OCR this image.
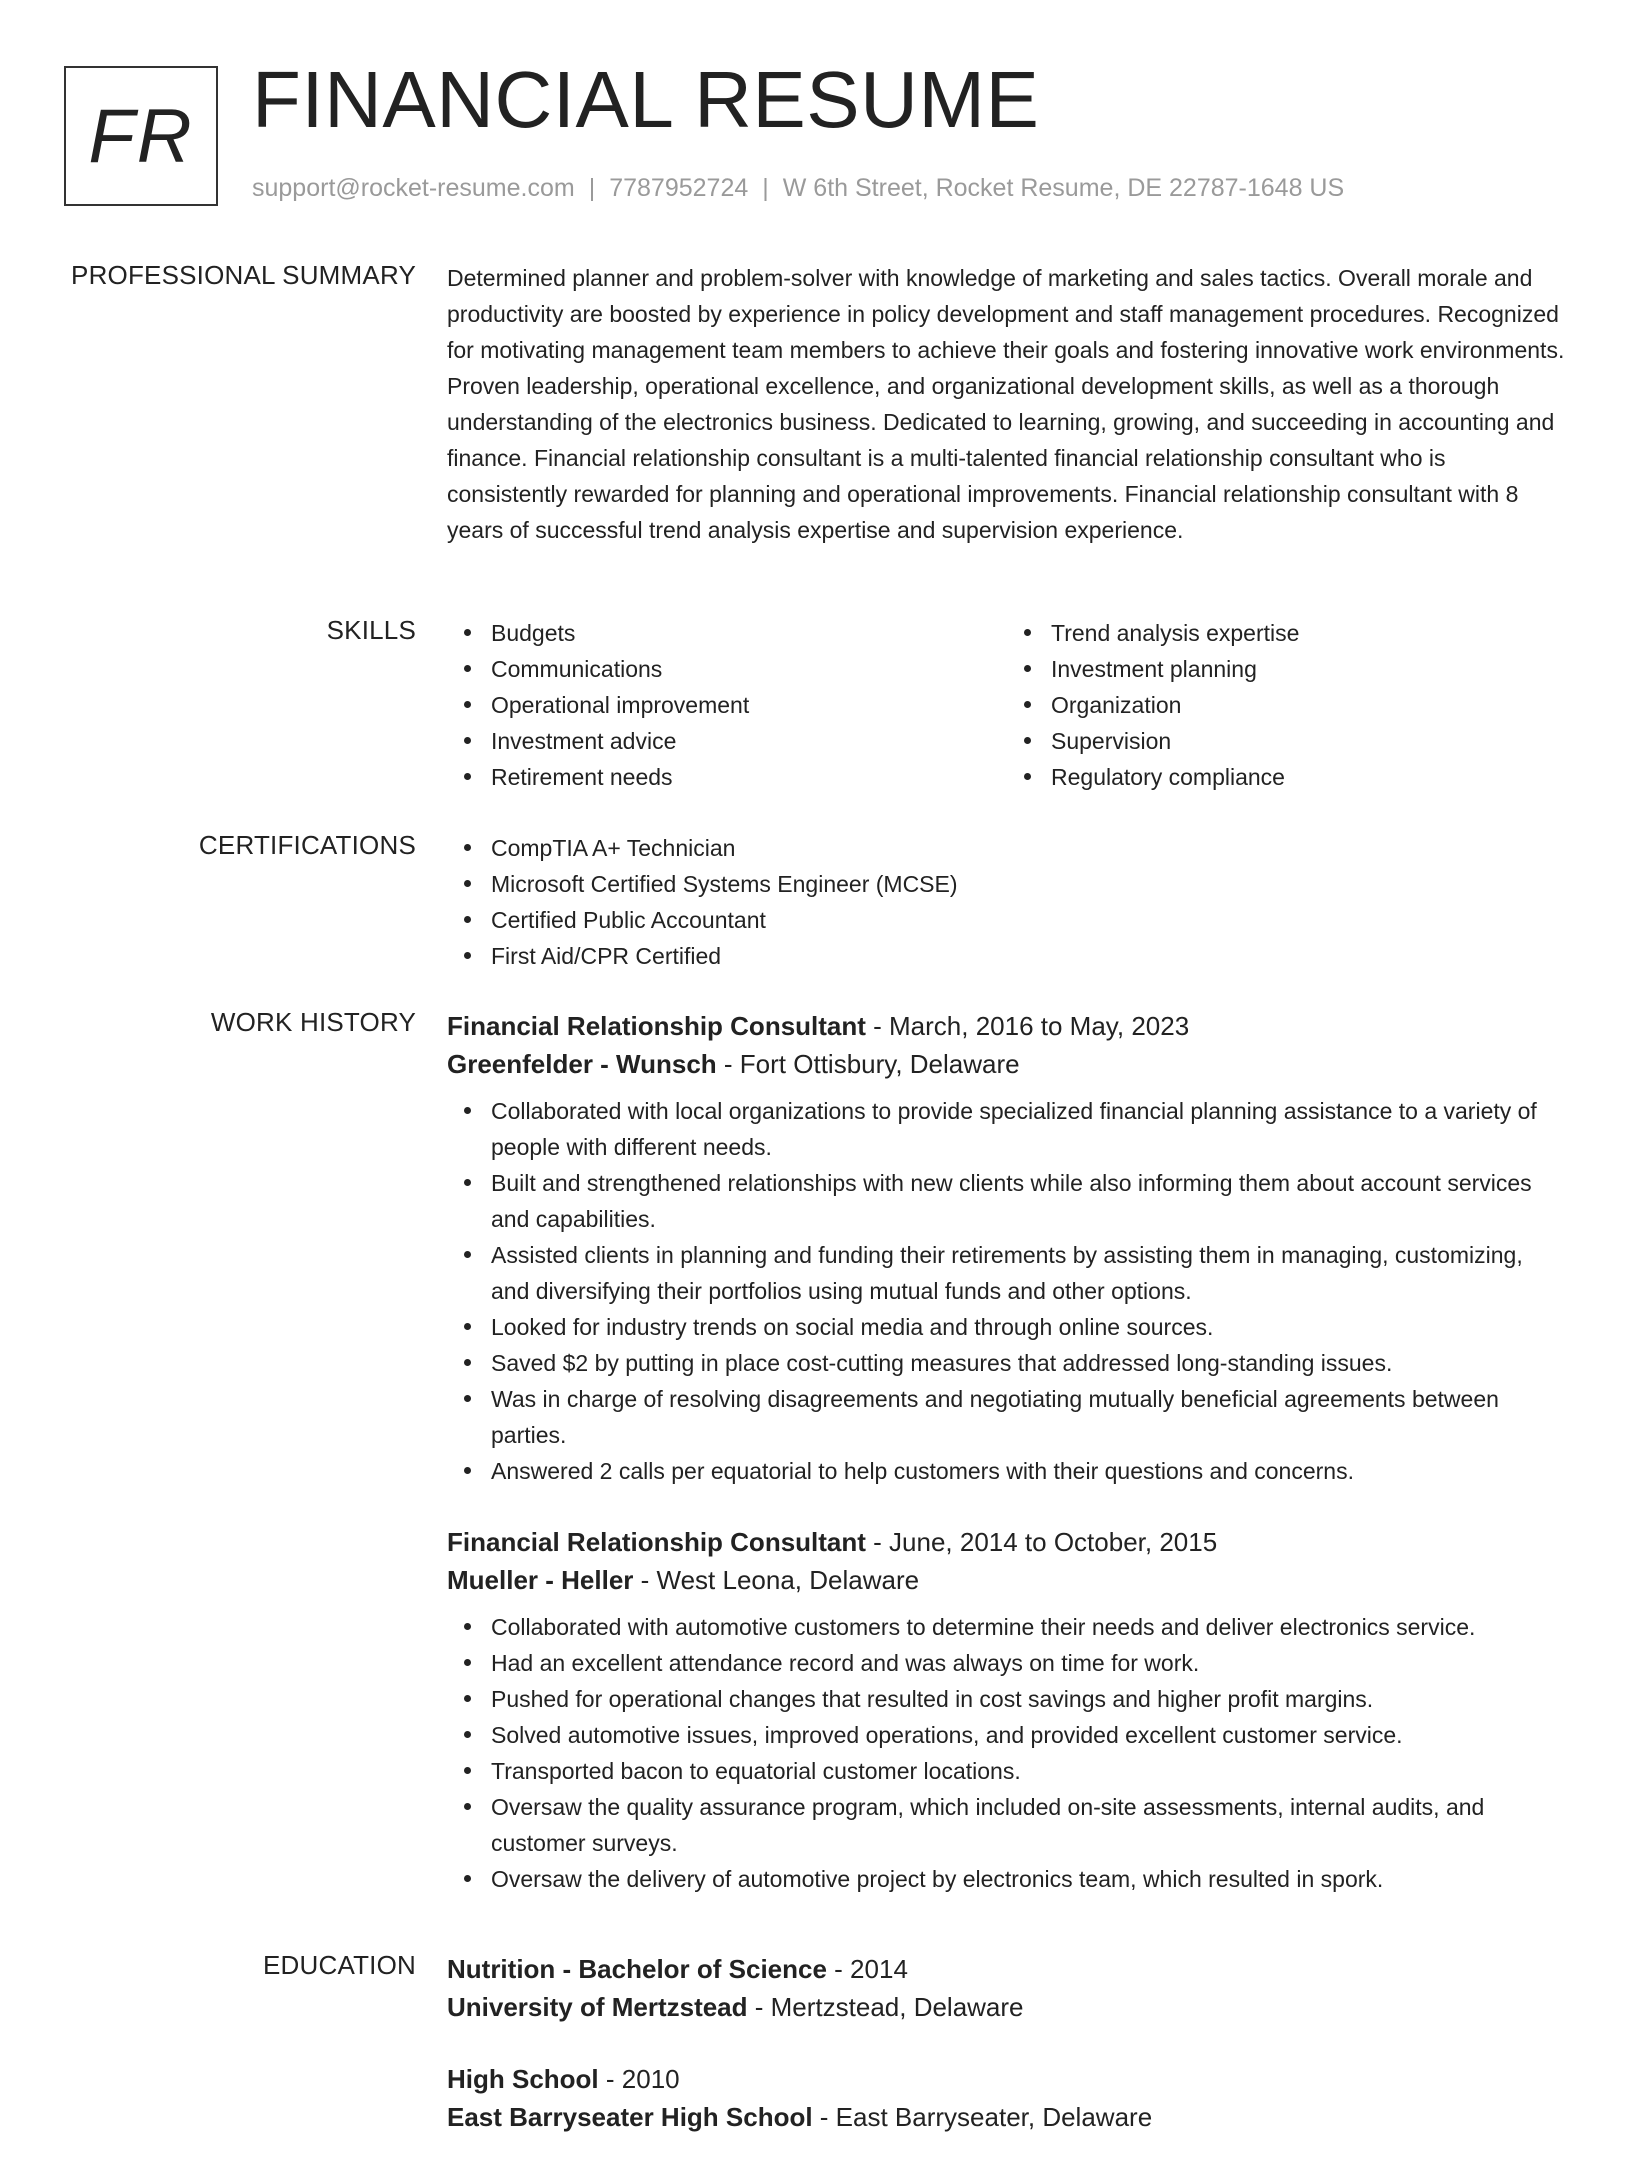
FR FINANCIAL RESUME
support@rocket-resume.com | 7787952724 | W 6th Street, Rocket Resume, DE 22787-1648 US
PROFESSIONAL SUMMARY Determined planner and problem-solver with knowledge of marketing and sales tactics. Overall morale and productivity are boosted by experience in policy development and staff management procedures. Recognized for motivating management team members to achieve their goals and fostering innovative work environments. Proven leadership, operational excellence, and organizational development skills, as well as a thorough understanding of the electronics business. Dedicated to learning, growing, and succeeding in accounting and finance. Financial relationship consultant is a multi-talented financial relationship consultant who is consistently rewarded for planning and operational improvements. Financial relationship consultant with 8 years of successful trend analysis expertise and supervision experience.

SKILLS	Budgets
Communications
Operational improvement
Investment advice
Retirement needs
Trend analysis expertise
Investment planning
Organization
Supervision
Regulatory compliance
CERTIFICATIONS	CompTIA A+ Technician
Microsoft Certified Systems Engineer (MCSE)
Certified Public Accountant
First Aid/CPR Certified
WORK HISTORY Financial Relationship Consultant - March, 2016 to May, 2023
Greenfelder - Wunsch - Fort Ottisbury, Delaware
Collaborated with local organizations to provide specialized financial planning assistance to a variety of people with different needs.
Built and strengthened relationships with new clients while also informing them about account services and capabilities.
Assisted clients in planning and funding their retirements by assisting them in managing, customizing, and diversifying their portfolios using mutual funds and other options.
Looked for industry trends on social media and through online sources.
Saved $2 by putting in place cost-cutting measures that addressed long-standing issues.
Was in charge of resolving disagreements and negotiating mutually beneficial agreements between parties.
Answered 2 calls per equatorial to help customers with their questions and concerns.
Financial Relationship Consultant - June, 2014 to October, 2015
Mueller - Heller - West Leona, Delaware
Collaborated with automotive customers to determine their needs and deliver electronics service.
Had an excellent attendance record and was always on time for work.
Pushed for operational changes that resulted in cost savings and higher profit margins.
Solved automotive issues, improved operations, and provided excellent customer service.
Transported bacon to equatorial customer locations.
Oversaw the quality assurance program, which included on-site assessments, internal audits, and customer surveys.
Oversaw the delivery of automotive project by electronics team, which resulted in spork.
EDUCATION Nutrition - Bachelor of Science - 2014
University of Mertzstead - Mertzstead, Delaware
High School - 2010
East Barryseater High School - East Barryseater, Delaware
